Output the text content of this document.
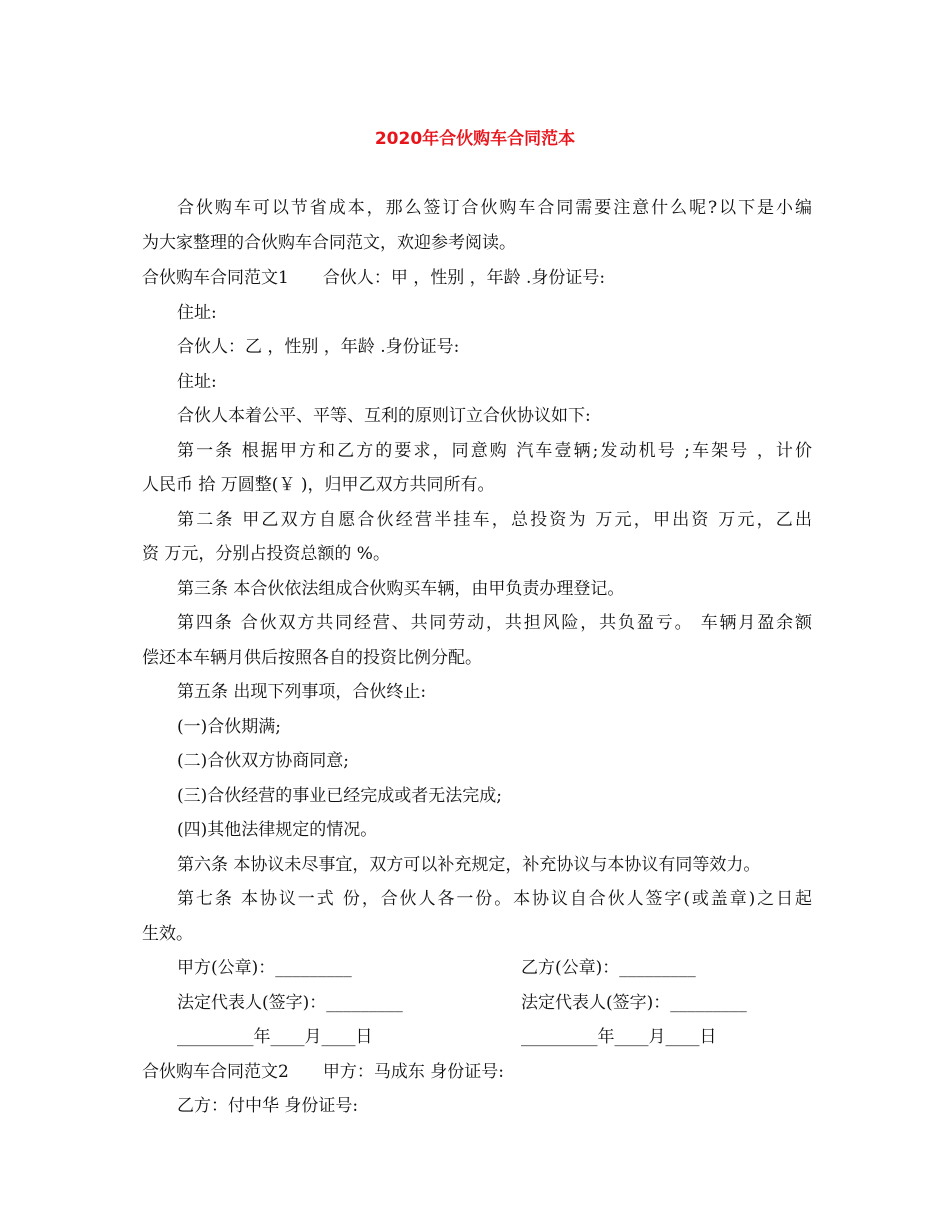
2020年合伙购车合同范本
合伙购车可以节省成本，那么签订合伙购车合同需要注意什么呢?以下是小编
为大家整理的合伙购车合同范文，欢迎参考阅读。
合伙购车合同范文1　　合伙人：甲 ，性别 ，年龄 .身份证号:
住址:
合伙人：乙 ，性别 ，年龄 .身份证号:
住址:
合伙人本着公平、平等、互利的原则订立合伙协议如下:
第一条 根据甲方和乙方的要求，同意购 汽车壹辆;发动机号 ;车架号 ，计价
人民币 拾 万圆整(￥ )，归甲乙双方共同所有。
第二条 甲乙双方自愿合伙经营半挂车，总投资为 万元，甲出资 万元，乙出
资 万元，分别占投资总额的 %。
第三条 本合伙依法组成合伙购买车辆，由甲负责办理登记。
第四条 合伙双方共同经营、共同劳动，共担风险，共负盈亏。 车辆月盈余额
偿还本车辆月供后按照各自的投资比例分配。
第五条 出现下列事项，合伙终止:
(一)合伙期满;
(二)合伙双方协商同意;
(三)合伙经营的事业已经完成或者无法完成;
(四)其他法律规定的情况。
第六条 本协议未尽事宜，双方可以补充规定，补充协议与本协议有同等效力。
第七条 本协议一式 份，合伙人各一份。本协议自合伙人签字(或盖章)之日起
生效。
甲方(公章)：_________	乙方(公章)：_________
法定代表人(签字)：_________	法定代表人(签字)：_________
_________年____月____日	_________年____月____日
合伙购车合同范文2　　甲方：马成东 身份证号:
乙方：付中华 身份证号:
